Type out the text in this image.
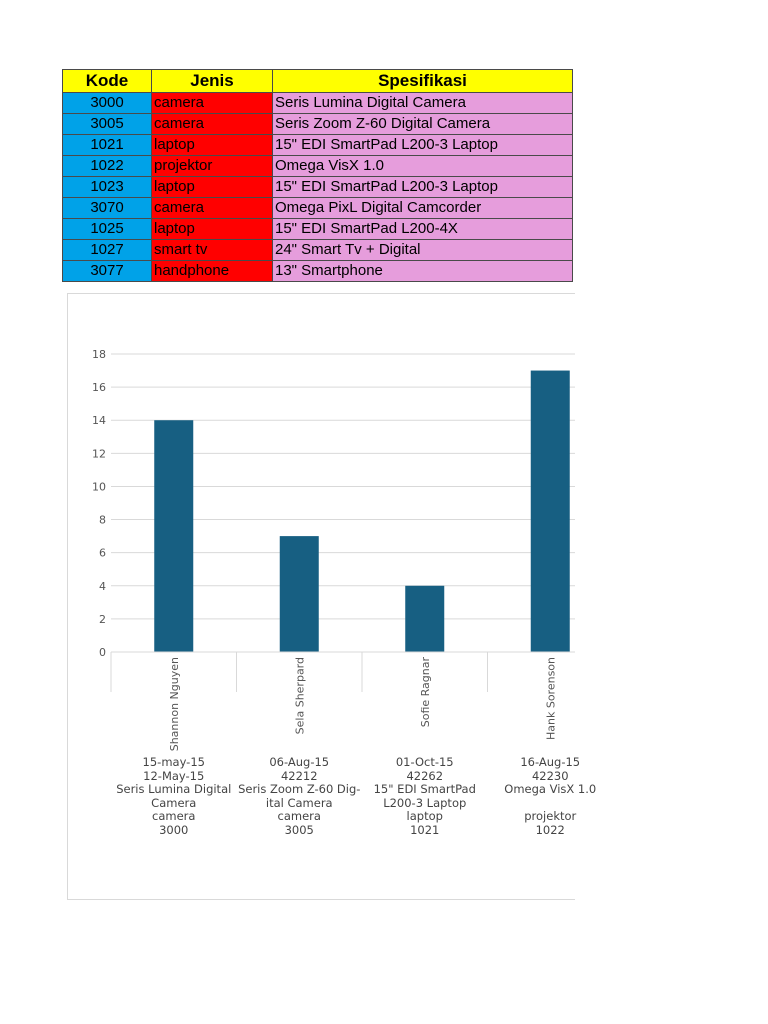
Kode	Jenis	Spesifikasi
3000	camera	Seris Lumina Digital Camera
3005	camera	Seris Zoom Z-60 Digital Camera
1021	laptop	15" EDI SmartPad L200-3 Laptop
1022	projektor	Omega VisX 1.0
1023	laptop	15" EDI SmartPad L200-3 Laptop
3070	camera	Omega PixL Digital Camcorder
1025	laptop	15" EDI SmartPad L200-4X
1027	smart tv	24" Smart Tv + Digital
3077	handphone	13" Smartphone
0
2
4
6
8
10
12
14
16
18
Shannon Nguyen	Sela Sherpard	Sofie Ragnar	Hank Sorenson
15-may-15
12-May-15
Seris Lumina Digital
Camera
camera
3000
06-Aug-15
42212
Seris Zoom Z-60 Dig-
ital Camera
camera
3005
01-Oct-15
42262
15" EDI SmartPad
L200-3 Laptop
laptop
1021
16-Aug-15
42230
Omega VisX 1.0
projektor
1022
